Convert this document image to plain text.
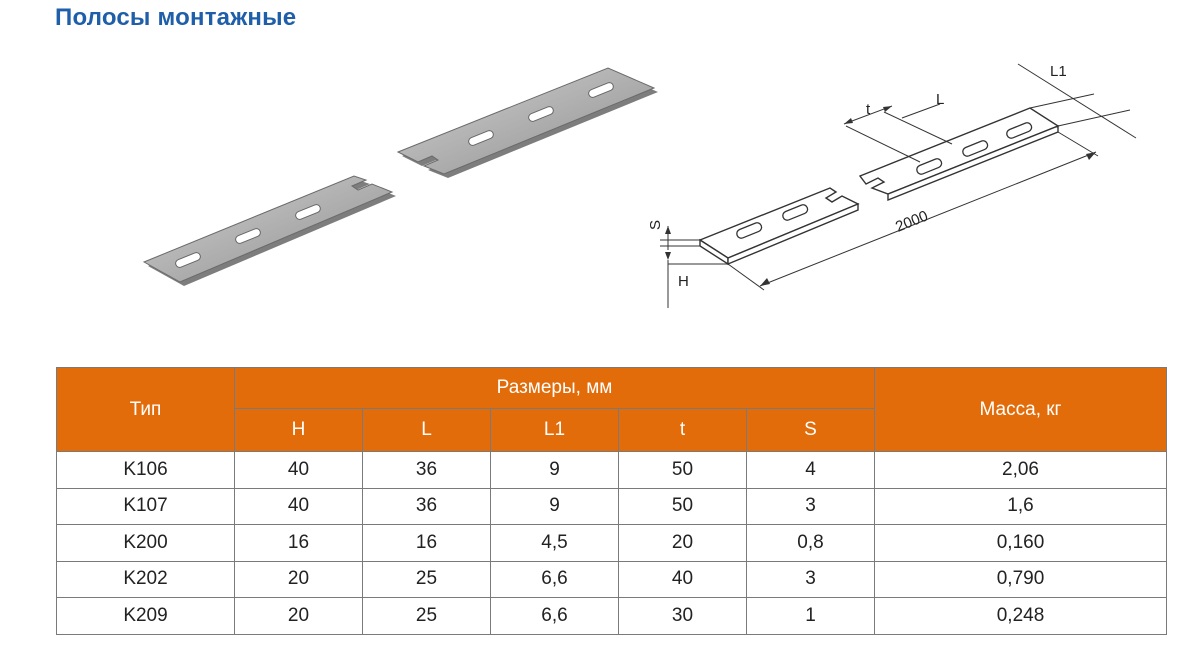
Полосы монтажные
S
H
t
L
L1
2000
Тип	Размеры, мм					Масса, кг
	H	L	L1	t	S	
K106	40	36	9	50	4	2,06
K107	40	36	9	50	3	1,6
K200	16	16	4,5	20	0,8	0,160
K202	20	25	6,6	40	3	0,790
K209	20	25	6,6	30	1	0,248
